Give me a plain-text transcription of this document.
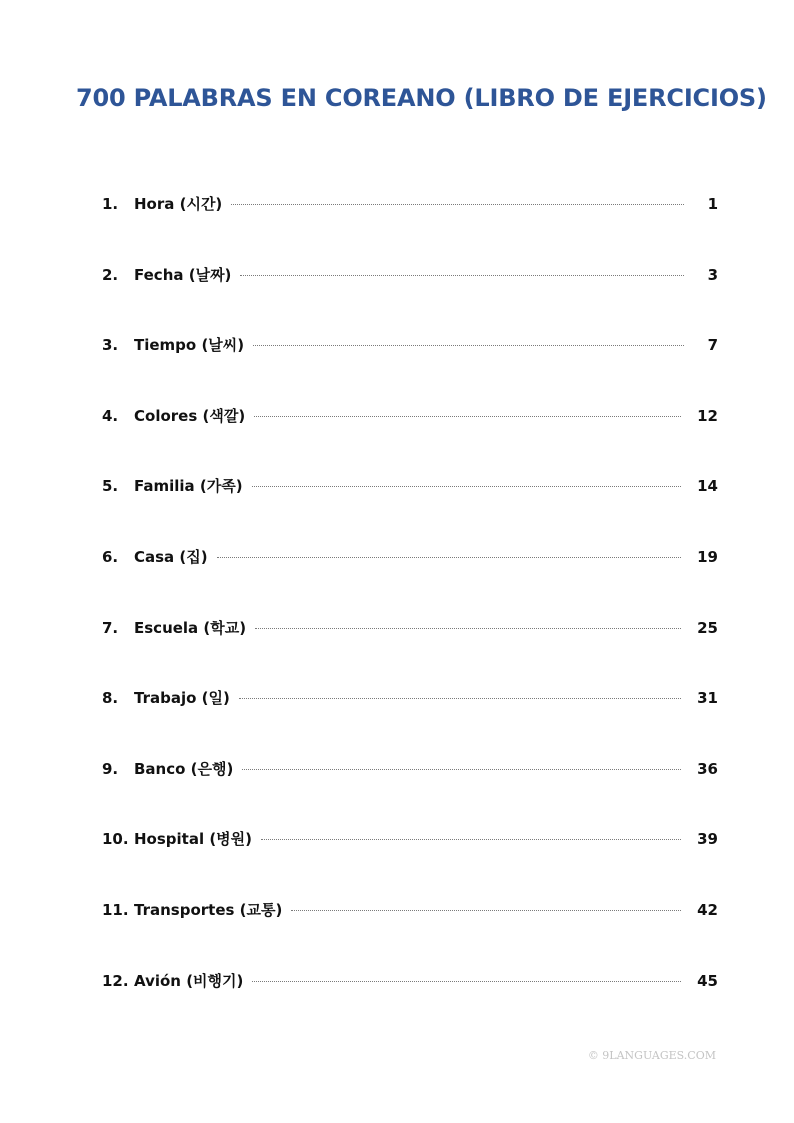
700 PALABRAS EN COREANO (LIBRO DE EJERCICIOS)
1.	Hora (시간)	1
2.	Fecha (날짜)	3
3.	Tiempo (날씨)	7
4.	Colores (색깔)	12
5.	Familia (가족)	14
6.	Casa (집)	19
7.	Escuela (학교)	25
8.	Trabajo (일)	31
9.	Banco (은행)	36
10. Hospital (병원)	39
11. Transportes (교통)	42
12. Avión (비행기)	45
© 9LANGUAGES.COM
